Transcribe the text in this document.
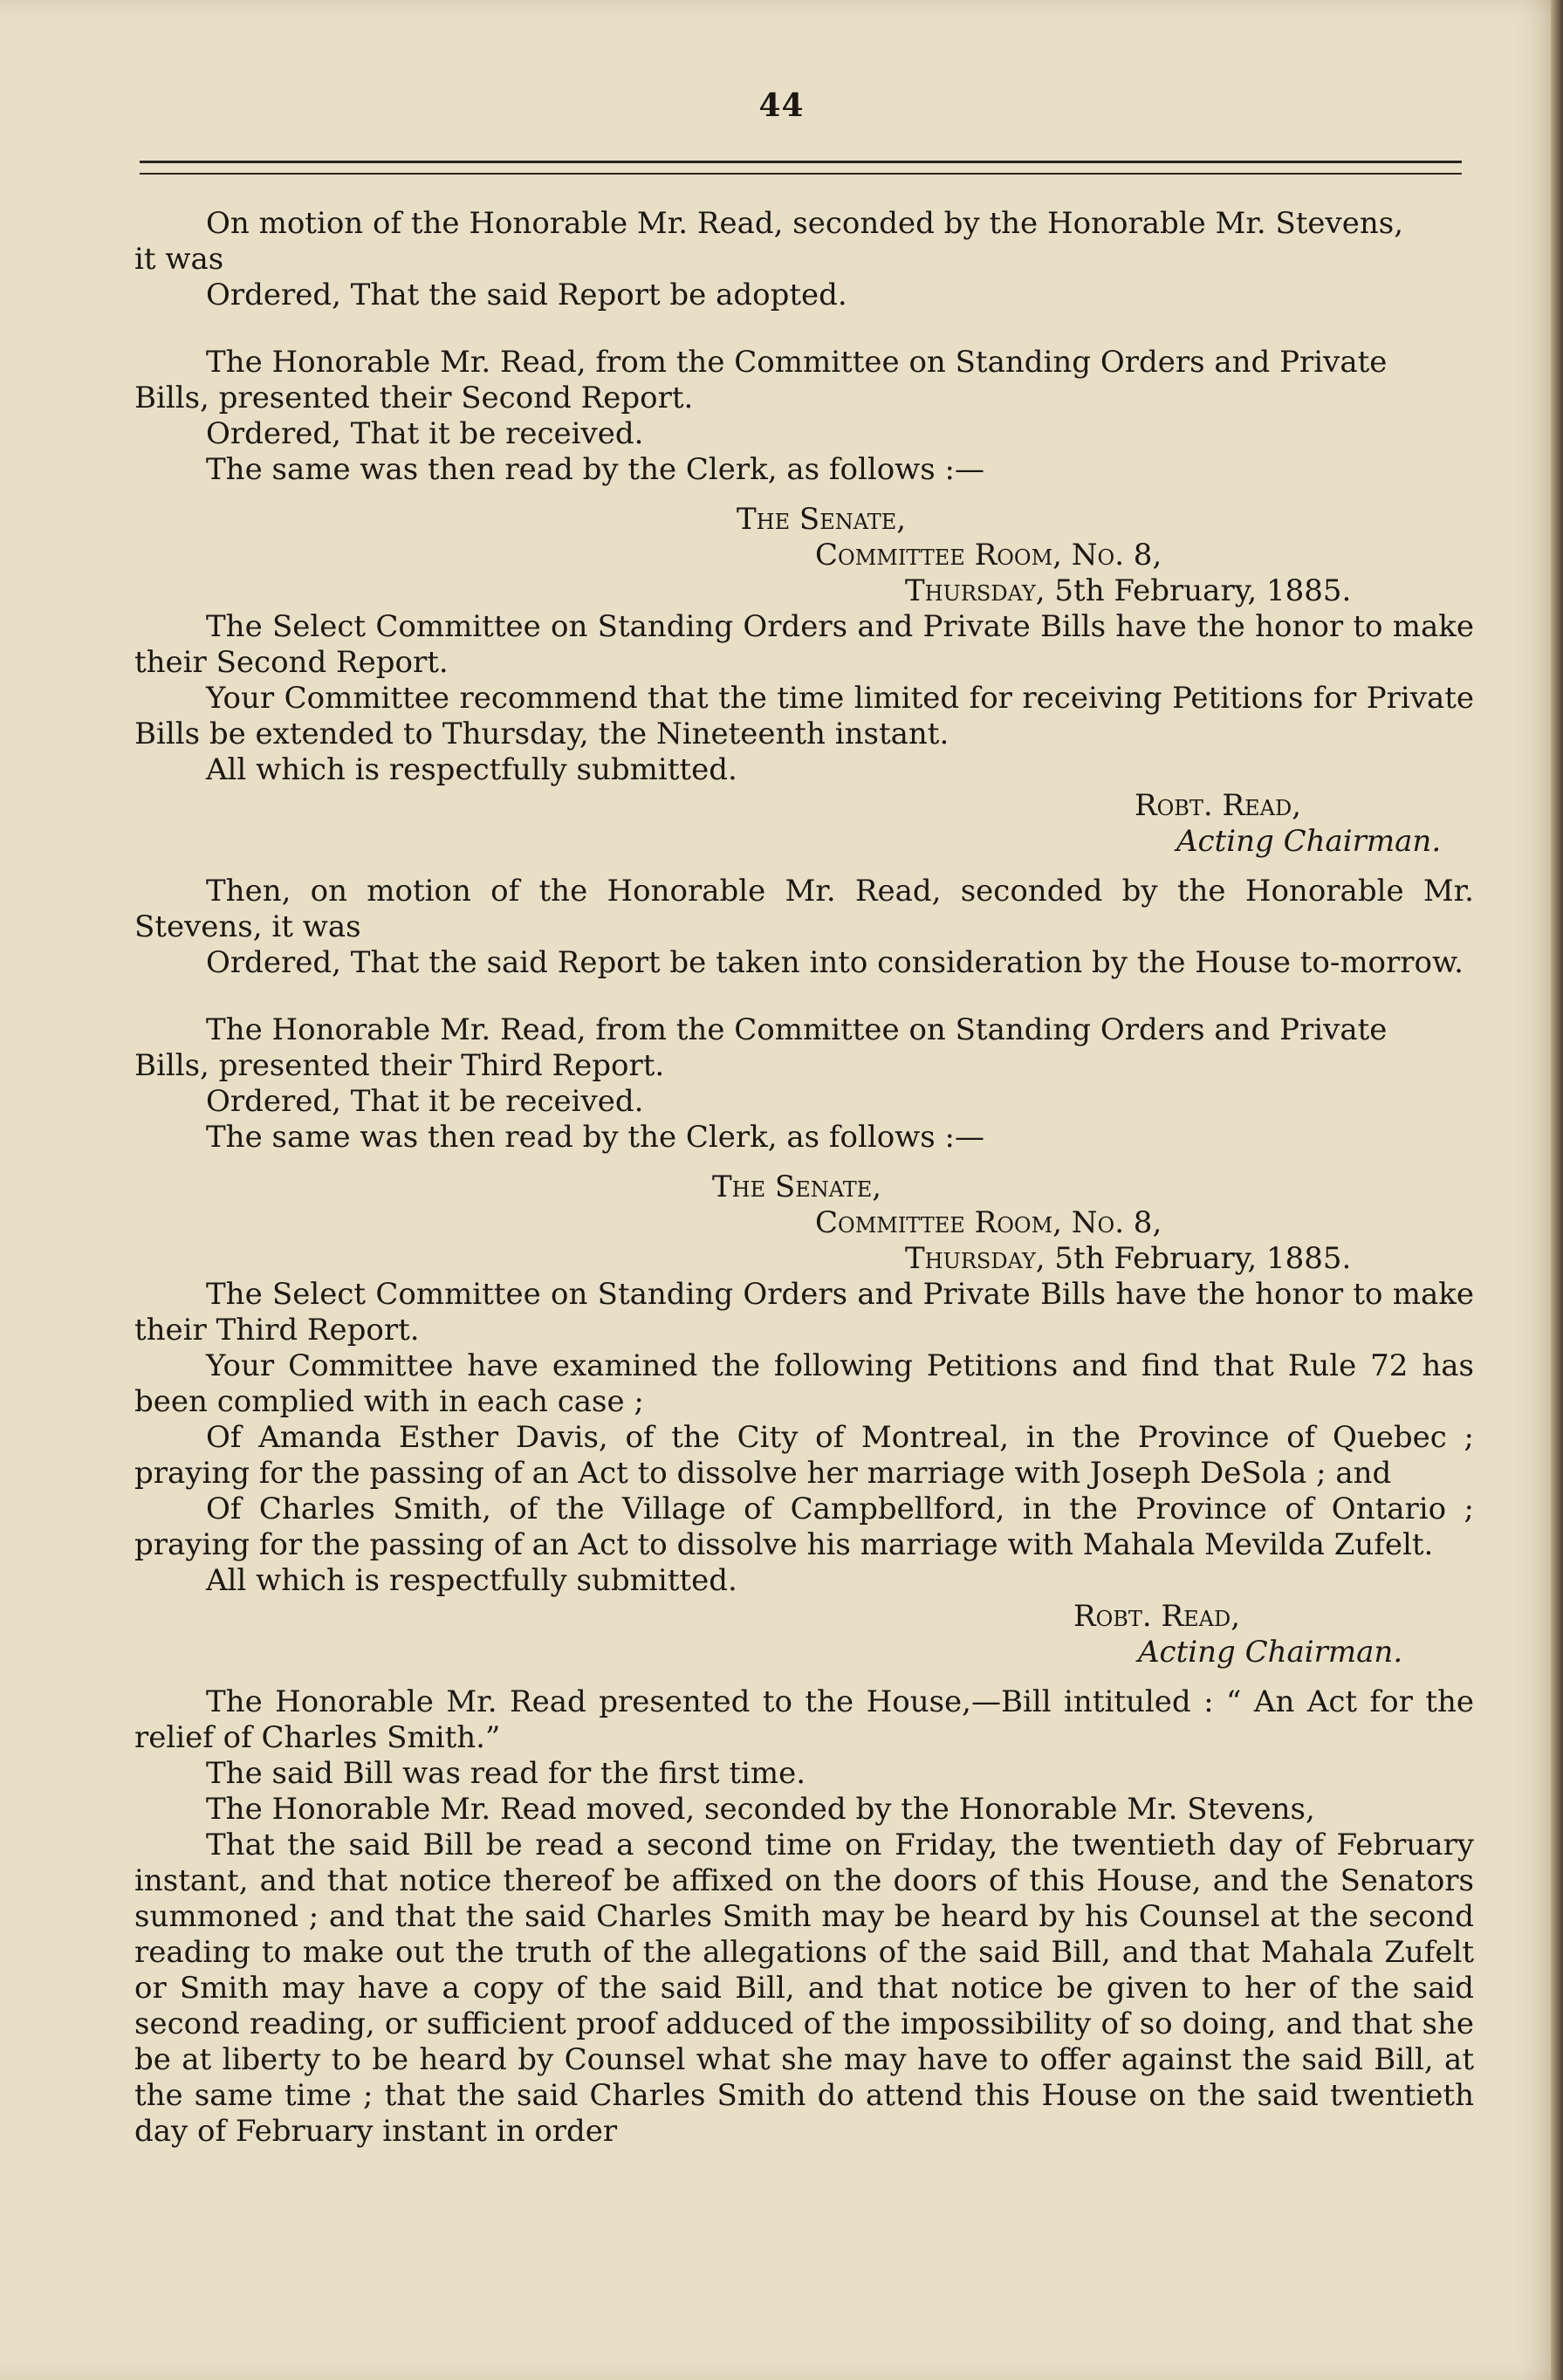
44

On motion of the Honorable Mr. Read, seconded by the Honorable Mr. Stevens,

it was

Ordered, That the said Report be adopted.

The Honorable Mr. Read, from the Committee on Standing Orders and Private

Bills, presented their Second Report.

Ordered, That it be received.

The same was then read by the Clerk, as follows :—

The Senate,

Committee Room, No. 8,

Thursday, 5th February, 1885.

The Select Committee on Standing Orders and Private Bills have the honor to make their Second Report.

Your Committee recommend that the time limited for receiving Petitions for Private Bills be extended to Thursday, the Nineteenth instant.

All which is respectfully submitted.

Robt. Read,

Acting Chairman.

Then, on motion of the Honorable Mr. Read, seconded by the Honorable Mr. Stevens, it was

Ordered, That the said Report be taken into consideration by the House to-morrow.

The Honorable Mr. Read, from the Committee on Standing Orders and Private

Bills, presented their Third Report.

Ordered, That it be received.

The same was then read by the Clerk, as follows :—

The Senate,

Committee Room, No. 8,

Thursday, 5th February, 1885.

The Select Committee on Standing Orders and Private Bills have the honor to make their Third Report.

Your Committee have examined the following Petitions and find that Rule 72 has been complied with in each case ;

Of Amanda Esther Davis, of the City of Montreal, in the Province of Quebec ; praying for the passing of an Act to dissolve her marriage with Joseph DeSola ; and

Of Charles Smith, of the Village of Campbellford, in the Province of Ontario ; praying for the passing of an Act to dissolve his marriage with Mahala Mevilda Zufelt.

All which is respectfully submitted.

Robt. Read,

Acting Chairman.

The Honorable Mr. Read presented to the House,—Bill intituled : “ An Act for the relief of Charles Smith.”

The said Bill was read for the first time.

The Honorable Mr. Read moved, seconded by the Honorable Mr. Stevens,

That the said Bill be read a second time on Friday, the twentieth day of February instant, and that notice thereof be affixed on the doors of this House, and the Senators summoned ; and that the said Charles Smith may be heard by his Counsel at the second reading to make out the truth of the allegations of the said Bill, and that Mahala Zufelt or Smith may have a copy of the said Bill, and that notice be given to her of the said second reading, or sufficient proof adduced of the impossibility of so doing, and that she be at liberty to be heard by Counsel what she may have to offer against the said Bill, at the same time ; that the said Charles Smith do attend this House on the said twentieth day of February instant in order
